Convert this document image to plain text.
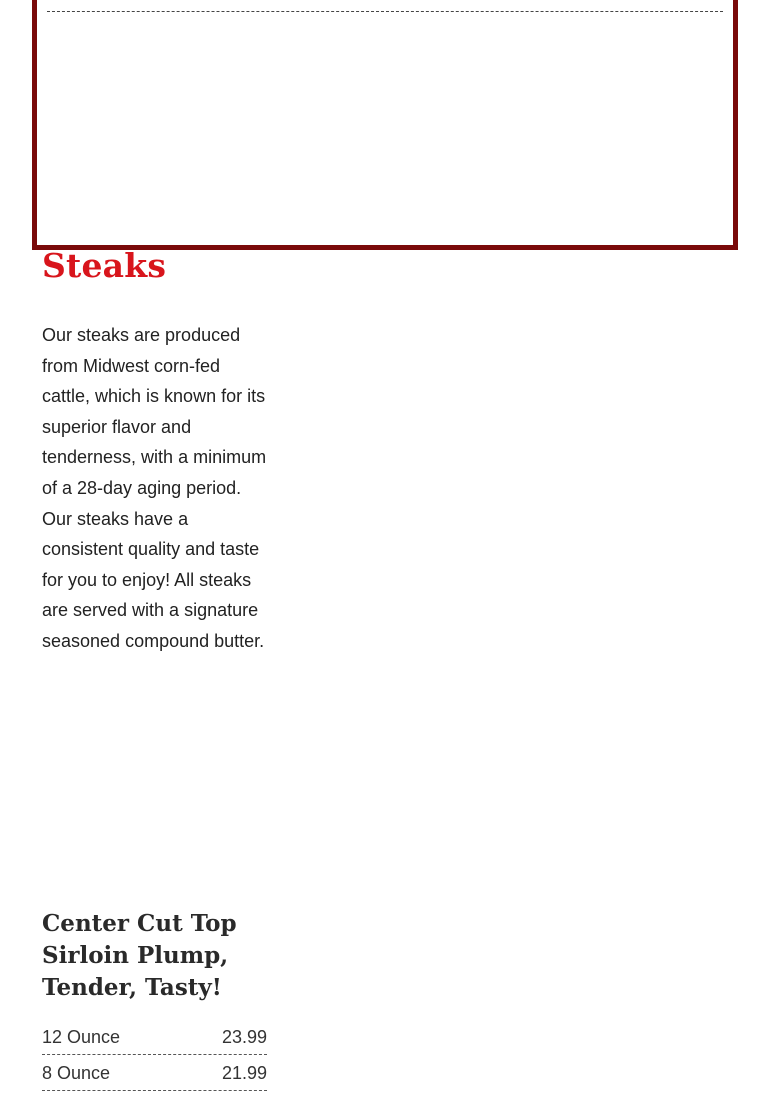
Steaks

Our steaks are produced from Midwest corn-fed cattle, which is known for its superior flavor and tenderness, with a minimum of a 28-day aging period. Our steaks have a consistent quality and taste for you to enjoy! All steaks are served with a signature seasoned compound butter.

Center Cut Top Sirloin Plump, Tender, Tasty!
12 Ounce	23.99
8 Ounce	21.99
